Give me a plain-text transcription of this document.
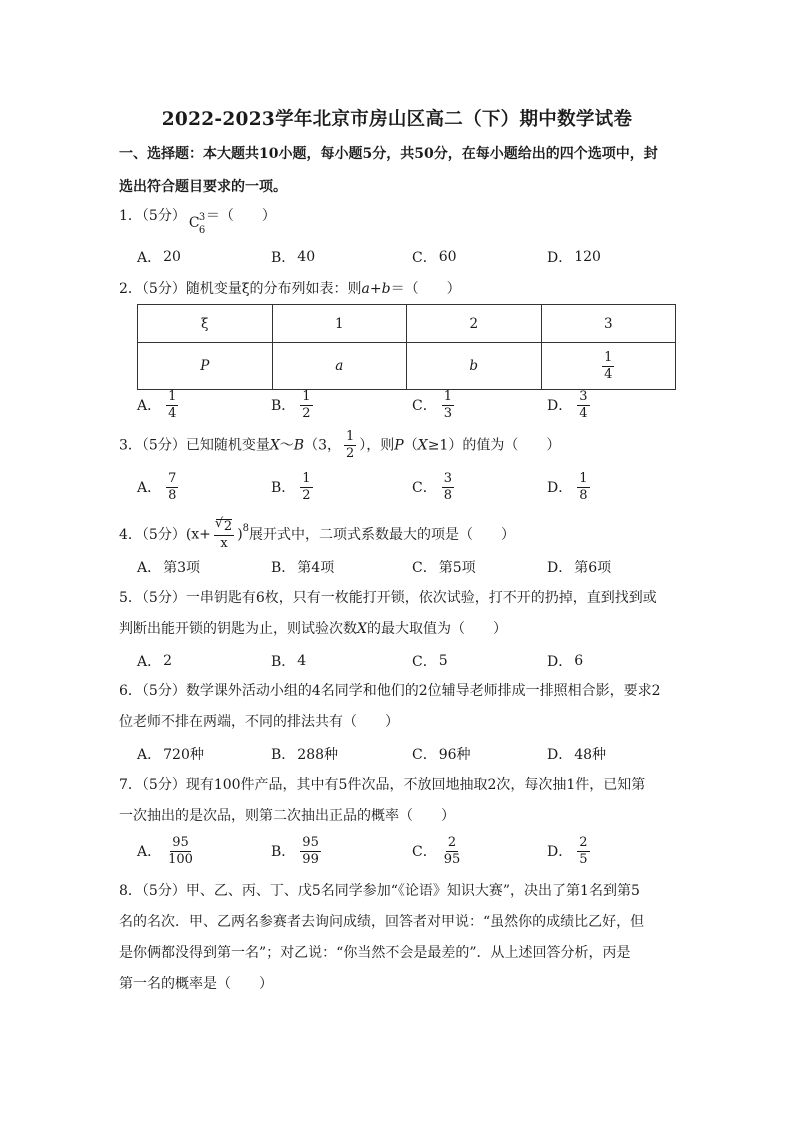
2022-2023学年北京市房山区高二（下）期中数学试卷
一、选择题：本大题共10小题，每小题5分，共50分，在每小题给出的四个选项中，封
选出符合题目要求的一项。
1．（5分） C 3
6
＝（　　）
A． 20	B． 40	C． 60	D． 120
2．（5分）随机变量ξ的分布列如表：则a+b＝（　　）
ξ	1	2	3
P	a	b	$\frac{1}{4}$
A． $\frac{1}{4}$	B． $\frac{1}{2}$	C． $\frac{1}{3}$	D． $\frac{3}{4}$
3．（5分）已知随机变量X～B（3， $\frac{1}{2}$ ），则P（X≥1）的值为（　　）
A． $\frac{7}{8}$	B． $\frac{1}{2}$	C． $\frac{3}{8}$	D． $\frac{1}{8}$
4．（5分）(x+ √ $\frac{2}{x} )^8$展开式中，二项式系数最大的项是（　　）
A． 第3项	B． 第4项	C． 第5项	D． 第6项
5．（5分）一串钥匙有6枚，只有一枚能打开锁，依次试验，打不开的扔掉，直到找到或
判断出能开锁的钥匙为止，则试验次数X的最大取值为（　　）
A． 2	B． 4	C． 5	D． 6
6．（5分）数学课外活动小组的4名同学和他们的2位辅导老师排成一排照相合影，要求2
位老师不排在两端，不同的排法共有（　　）
A． 720种	B． 288种	C． 96种	D． 48种
7．（5分）现有100件产品，其中有5件次品，不放回地抽取2次，每次抽1件，已知第
一次抽出的是次品，则第二次抽出正品的概率（　　）
A． $\frac{95}{100}$	B． $\frac{95}{99}$	C． $\frac{2}{95}$	D． $\frac{2}{5}$
8．（5分）甲、乙、丙、丁、戊5名同学参加“《论语》知识大赛”，决出了第1名到第5
名的名次．甲、乙两名参赛者去询问成绩，回答者对甲说：“虽然你的成绩比乙好，但
是你俩都没得到第一名”；对乙说：“你当然不会是最差的”．从上述回答分析，丙是
第一名的概率是（　　）
